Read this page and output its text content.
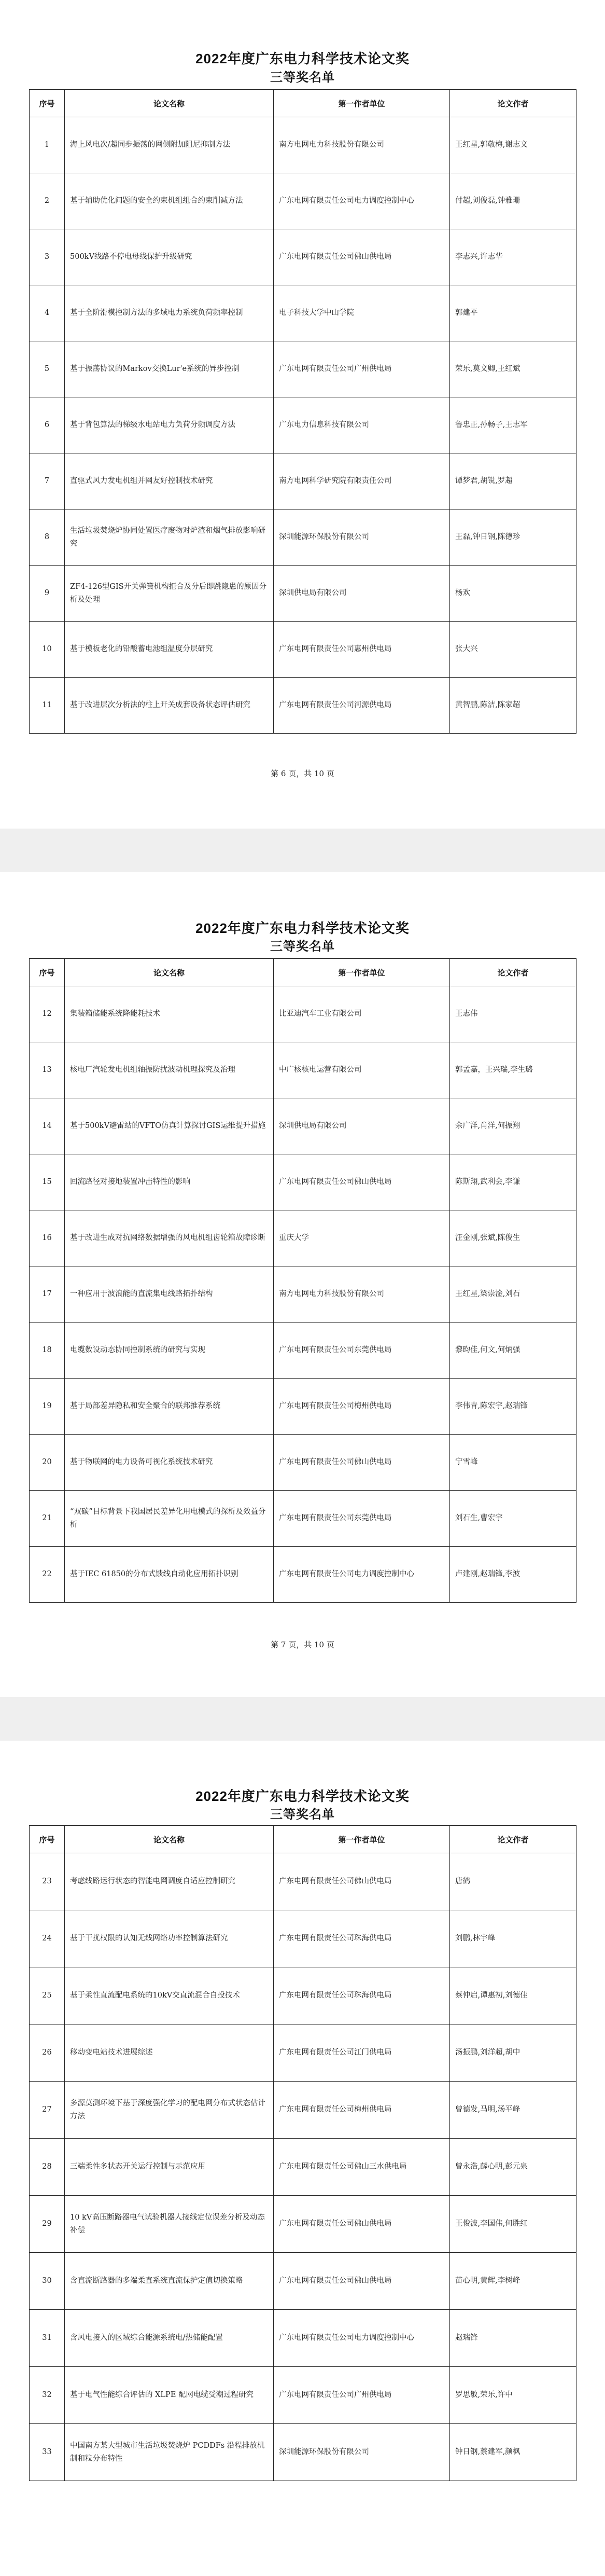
2022年度广东电力科学技术论文奖
三等奖名单
序号	论文名称	第一作者单位	论文作者
1	海上风电次/超同步振荡的网侧附加阻尼抑制方法	南方电网电力科技股份有限公司	王红星,郭敬梅,谢志文
2	基于辅助优化问题的安全约束机组组合约束削减方法	广东电网有限责任公司电力调度控制中心	付超,刘俊磊,钟雅珊
3	500kV线路不停电母线保护升级研究	广东电网有限责任公司佛山供电局	李志兴,许志华
4	基于全阶滑模控制方法的多域电力系统负荷频率控制	电子科技大学中山学院	郭建平
5	基于振荡协议的Markov交换Lur'e系统的异步控制	广东电网有限责任公司广州供电局	荣乐,莫文卿,王红斌
6	基于背包算法的梯级水电站电力负荷分频调度方法	广东电力信息科技有限公司	鲁忠正,孙畅子,王志军
7	直驱式风力发电机组并网友好控制技术研究	南方电网科学研究院有限责任公司	谭梦君,胡锐,罗超
8	生活垃圾焚烧炉协同处置医疗废物对炉渣和烟气排放影响研究	深圳能源环保股份有限公司	王磊,钟日钢,陈德珍
9	ZF4-126型GIS开关弹簧机构拒合及分后即跳隐患的原因分析及处理	深圳供电局有限公司	杨欢
10	基于模板老化的铅酸蓄电池组温度分层研究	广东电网有限责任公司惠州供电局	张大兴
11	基于改进层次分析法的柱上开关成套设备状态评估研究	广东电网有限责任公司河源供电局	黄智鹏,陈洁,陈家超
第 6 页，共 10 页
2022年度广东电力科学技术论文奖
三等奖名单
序号	论文名称	第一作者单位	论文作者
12	集装箱储能系统降能耗技术	比亚迪汽车工业有限公司	王志伟
13	核电厂汽轮发电机组轴振防扰波动机理探究及治理	中广核核电运营有限公司	郭孟嘉，王兴瑞,李生璐
14	基于500kV避雷站的VFTO仿真计算探讨GIS运维提升措施	深圳供电局有限公司	余广洋,肖洋,何振翔
15	回流路径对接地装置冲击特性的影响	广东电网有限责任公司佛山供电局	陈斯翔,武利会,李谦
16	基于改进生成对抗网络数据增强的风电机组齿轮箱故障诊断	重庆大学	汪金刚,张斌,陈俊生
17	一种应用于波浪能的直流集电线路拓扑结构	南方电网电力科技股份有限公司	王红星,梁崇淦,刘石
18	电缆数设动态协同控制系统的研究与实现	广东电网有限责任公司东莞供电局	黎昀佳,何文,何炳强
19	基于局部差异隐私和安全聚合的联邦推荐系统	广东电网有限责任公司梅州供电局	李伟青,陈宏宇,赵瑞锋
20	基于物联网的电力设备可视化系统技术研究	广东电网有限责任公司佛山供电局	宁雪峰
21	“双碳”目标背景下我国居民差异化用电模式的探析及效益分析	广东电网有限责任公司东莞供电局	刘石生,曹宏宇
22	基于IEC 61850的分布式馈线自动化应用拓扑识别	广东电网有限责任公司电力调度控制中心	卢建刚,赵瑞锋,李波
第 7 页，共 10 页
2022年度广东电力科学技术论文奖
三等奖名单
序号	论文名称	第一作者单位	论文作者
23	考虑线路运行状态的智能电网调度自适应控制研究	广东电网有限责任公司佛山供电局	唐鹤
24	基于干扰权限的认知无线网络功率控制算法研究	广东电网有限责任公司珠海供电局	刘鹏,林宇峰
25	基于柔性直流配电系统的10kV交直流混合自投技术	广东电网有限责任公司珠海供电局	蔡仲启,谭惠初,刘德佳
26	移动变电站技术进展综述	广东电网有限责任公司江门供电局	汤振鹏,刘洋超,胡中
27	多源莫测环境下基于深度强化学习的配电网分布式状态估计方法	广东电网有限责任公司梅州供电局	曾德发,马明,汤平峰
28	三端柔性多状态开关运行控制与示范应用	广东电网有限责任公司佛山三水供电局	曾永浩,薛心明,彭元泉
29	10 kV高压断路器电气试验机器人接线定位误差分析及动态补偿	广东电网有限责任公司佛山供电局	王俊波,李国伟,何胜红
30	含直流断路器的多端柔直系统直流保护定值切换策略	广东电网有限责任公司佛山供电局	苗心明,黄辉,李树峰
31	含风电接入的区域综合能源系统电/热储能配置	广东电网有限责任公司电力调度控制中心	赵瑞锋
32	基于电气性能综合评估的 XLPE 配网电缆受潮过程研究	广东电网有限责任公司广州供电局	罗思敏,荣乐,许中
33	中国南方某大型城市生活垃圾焚烧炉 PCDDFs 沿程排放机制和粒分布特性	深圳能源环保股份有限公司	钟日钢,蔡建军,颜枫
